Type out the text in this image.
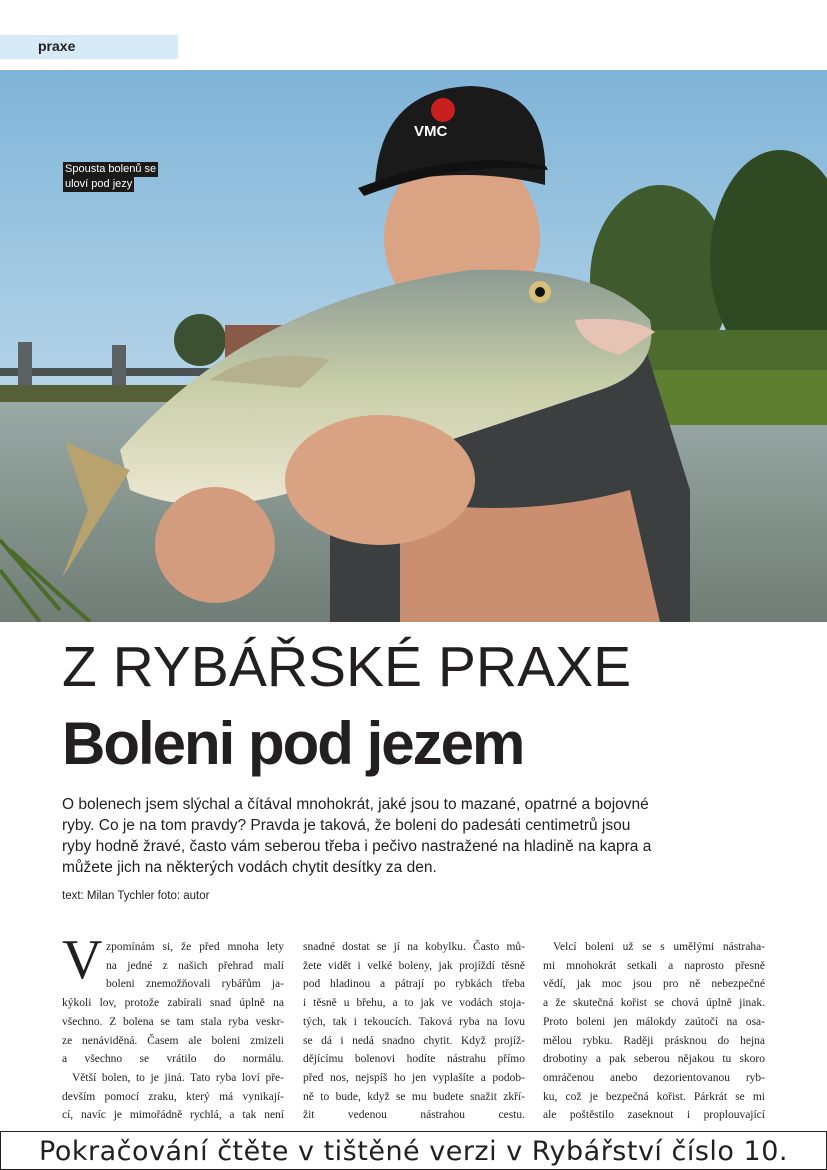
praxe
VMC
Spousta bolenů se
uloví pod jezy
Z RYBÁŘSKÉ PRAXE
Boleni pod jezem

O bolenech jsem slýchal a čítával mnohokrát, jaké jsou to mazané, opatrné a bojovné ryby. Co je na tom pravdy? Pravda je taková, že boleni do padesáti centimetrů jsou ryby hodně žravé, často vám seberou třeba i pečivo nastražené na hladině na kapra a můžete jich na některých vodách chytit desítky za den.

text: Milan Tychler foto: autor
V zpomínám si, že před mnoha lety
na jedné z našich přehrad malí
boleni znemožňovali rybářům ja-
kýkoli lov, protože zabírali snad úplně na
všechno. Z bolena se tam stala ryba veskr-
ze nenáviděná. Časem ale boleni zmizeli
a všechno se vrátilo do normálu.
Větší bolen, to je jiná. Tato ryba loví pře-
devším pomocí zraku, který má vynikají-
cí, navíc je mimořádně rychlá, a tak není
snadné dostat se jí na kobylku. Často mů-
žete vidět i velké boleny, jak projíždí těsně
pod hladinou a pátrají po rybkách třeba
i těsně u břehu, a to jak ve vodách stoja-
tých, tak i tekoucích. Taková ryba na lovu
se dá i nedá snadno chytit. Když projíž-
dějícímu bolenovi hodíte nástrahu přímo
před nos, nejspíš ho jen vyplašíte a podob-
ně to bude, když se mu budete snažit zkří-
žit vedenou nástrahou cestu.
Velcí boleni už se s umělými nástraha-
mi mnohokrát setkali a naprosto přesně
vědí, jak moc jsou pro ně nebezpečné
a že skutečná kořist se chová úplně jinak.
Proto boleni jen málokdy zaútočí na osa-
mělou rybku. Raději prásknou do hejna
drobotiny a pak seberou nějakou tu skoro
omráčenou anebo dezorientovanou ryb-
ku, což je bezpečná kořist. Párkrát se mi
ale poštěstilo zaseknout i proplouvající
Pokračování čtěte v tištěné verzi v Rybářství číslo 10.
